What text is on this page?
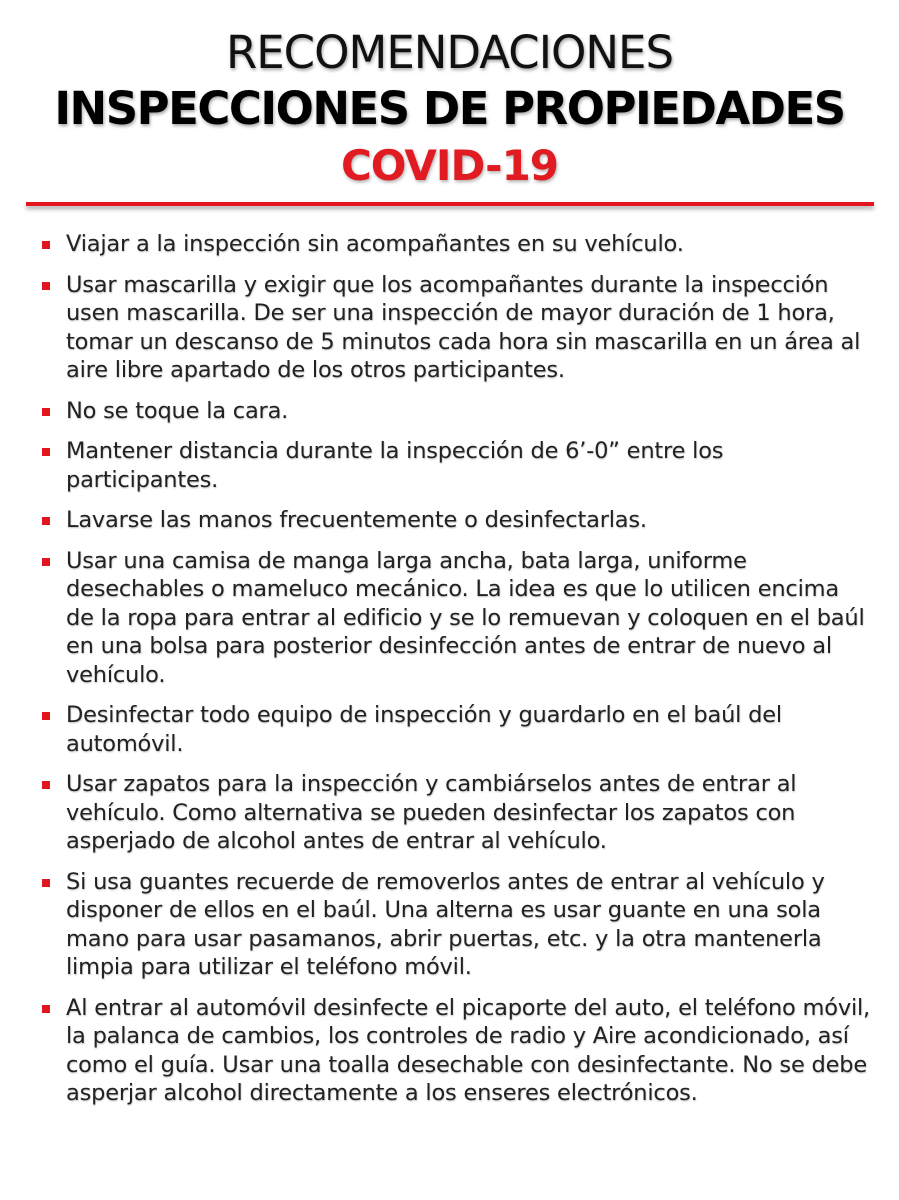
RECOMENDACIONES
INSPECCIONES DE PROPIEDADES
COVID-19
Viajar a la inspección sin acompañantes en su vehículo.
Usar mascarilla y exigir que los acompañantes durante la inspección usen mascarilla. De ser una inspección de mayor duración de 1 hora, tomar un descanso de 5 minutos cada hora sin mascarilla en un área al aire libre apartado de los otros participantes.
No se toque la cara.
Mantener distancia durante la inspección de 6’-0” entre los participantes.
Lavarse las manos frecuentemente o desinfectarlas.
Usar una camisa de manga larga ancha, bata larga, uniforme desechables o mameluco mecánico. La idea es que lo utilicen encima de la ropa para entrar al edificio y se lo remuevan y coloquen en el baúl en una bolsa para posterior desinfección antes de entrar de nuevo al vehículo.
Desinfectar todo equipo de inspección y guardarlo en el baúl del automóvil.
Usar zapatos para la inspección y cambiárselos antes de entrar al vehículo. Como alternativa se pueden desinfectar los zapatos con asperjado de alcohol antes de entrar al vehículo.
Si usa guantes recuerde de removerlos antes de entrar al vehículo y disponer de ellos en el baúl. Una alterna es usar guante en una sola mano para usar pasamanos, abrir puertas, etc. y la otra mantenerla limpia para utilizar el teléfono móvil.
Al entrar al automóvil desinfecte el picaporte del auto, el teléfono móvil, la palanca de cambios, los controles de radio y Aire acondicionado, así como el guía. Usar una toalla desechable con desinfectante. No se debe asperjar alcohol directamente a los enseres electrónicos.
